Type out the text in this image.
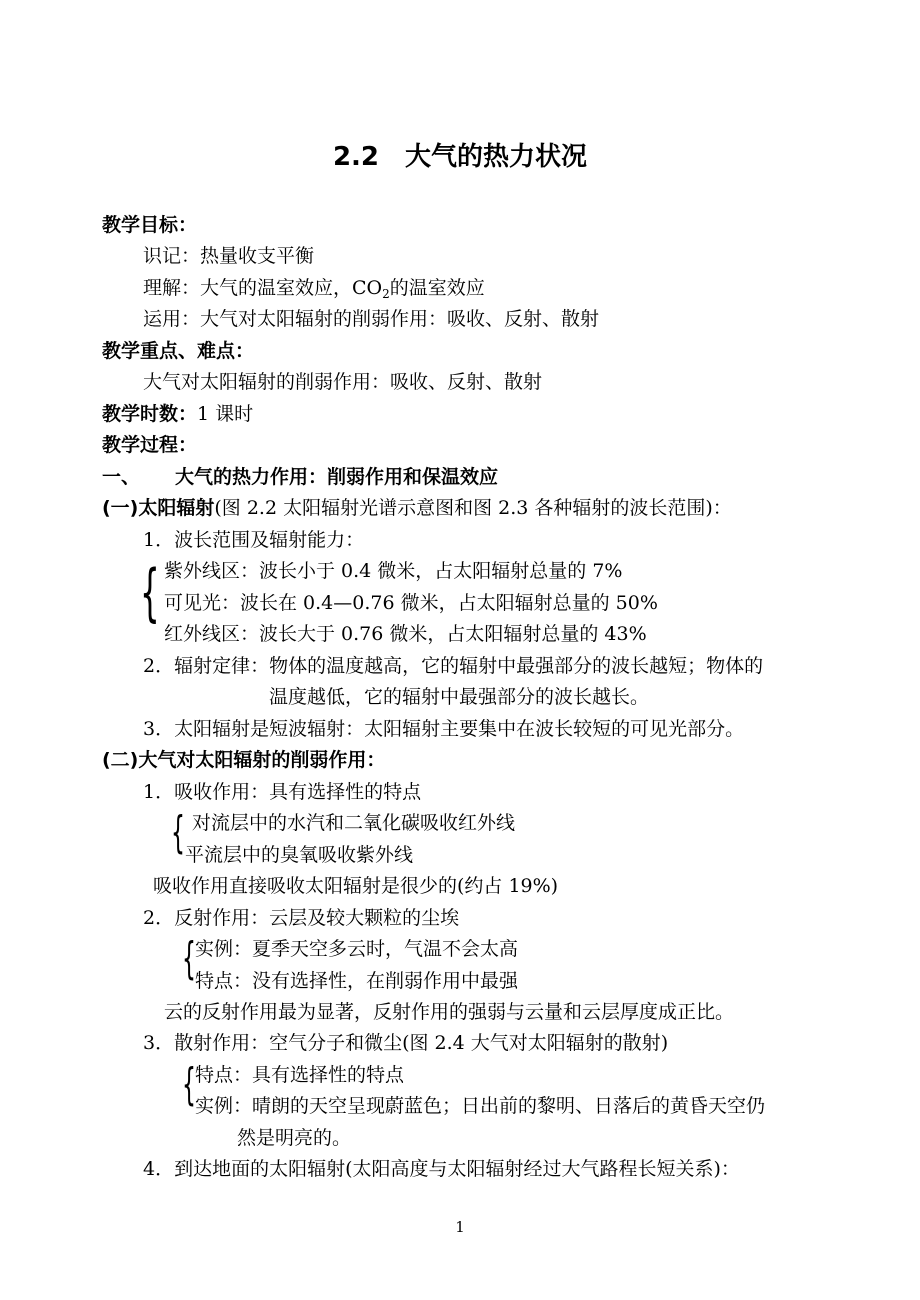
2.2　大气的热力状况
教学目标：
识记：热量收支平衡
理解：大气的温室效应，$CO_2$的温室效应
运用：大气对太阳辐射的削弱作用：吸收、反射、散射
教学重点、难点：
大气对太阳辐射的削弱作用：吸收、反射、散射
教学时数：1 课时
教学过程：
一、 大气的热力作用：削弱作用和保温效应
(一)太阳辐射(图 2.2 太阳辐射光谱示意图和图 2.3 各种辐射的波长范围)：
1．波长范围及辐射能力：
{ 紫外线区：波长小于 0.4 微米，占太阳辐射总量的 7%
可见光：波长在 0.4—0.76 微米，占太阳辐射总量的 50%
红外线区：波长大于 0.76 微米，占太阳辐射总量的 43%
2．辐射定律：物体的温度越高，它的辐射中最强部分的波长越短；物体的
温度越低，它的辐射中最强部分的波长越长。
3．太阳辐射是短波辐射：太阳辐射主要集中在波长较短的可见光部分。
(二)大气对太阳辐射的削弱作用：
1．吸收作用：具有选择性的特点
{ 对流层中的水汽和二氧化碳吸收红外线
平流层中的臭氧吸收紫外线
吸收作用直接吸收太阳辐射是很少的(约占 19%)
2．反射作用：云层及较大颗粒的尘埃
{ 实例：夏季天空多云时，气温不会太高
特点：没有选择性，在削弱作用中最强
云的反射作用最为显著，反射作用的强弱与云量和云层厚度成正比。
3．散射作用：空气分子和微尘(图 2.4 大气对太阳辐射的散射)
{ 特点：具有选择性的特点
实例：晴朗的天空呈现蔚蓝色；日出前的黎明、日落后的黄昏天空仍
然是明亮的。
4．到达地面的太阳辐射(太阳高度与太阳辐射经过大气路程长短关系)：
1
